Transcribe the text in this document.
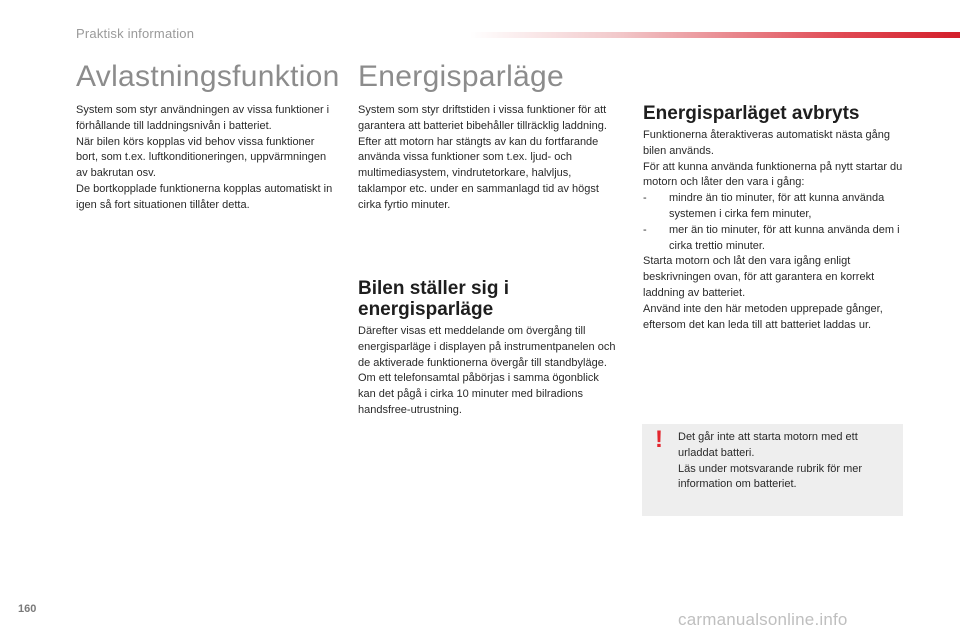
Praktisk information
Avlastningsfunktion

System som styr användningen av vissa funktioner i förhållande till laddningsnivån i batteriet.

När bilen körs kopplas vid behov vissa funktioner bort, som t.ex. luftkonditioneringen, uppvärmningen av bakrutan osv.

De bortkopplade funktionerna kopplas automatiskt in igen så fort situationen tillåter detta.

Energisparläge

System som styr driftstiden i vissa funktioner för att garantera att batteriet bibehåller tillräcklig laddning.

Efter att motorn har stängts av kan du fortfarande använda vissa funktioner som t.ex. ljud- och multimediasystem, vindrutetorkare, halvljus, taklampor etc. under en sammanlagd tid av högst cirka fyrtio minuter.

Bilen ställer sig i
energisparläge

Därefter visas ett meddelande om övergång till energisparläge i displayen på instrumentpanelen och de aktiverade funktionerna övergår till standbyläge.

Om ett telefonsamtal påbörjas i samma ögonblick kan det pågå i cirka 10 minuter med bilradions handsfree-utrustning.

Energisparläget avbryts

Funktionerna återaktiveras automatiskt nästa gång bilen används.

För att kunna använda funktionerna på nytt startar du motorn och låter den vara i gång:

- mindre än tio minuter, för att kunna använda systemen i cirka fem minuter,
- mer än tio minuter, för att kunna använda dem i cirka trettio minuter.

Starta motorn och låt den vara igång enligt beskrivningen ovan, för att garantera en korrekt laddning av batteriet.

Använd inte den här metoden upprepade gånger, eftersom det kan leda till att batteriet laddas ur.

!	Det går inte att starta motorn med ett urladdat batteri.

Läs under motsvarande rubrik för mer information om batteriet.

160
carmanualsonline.info
